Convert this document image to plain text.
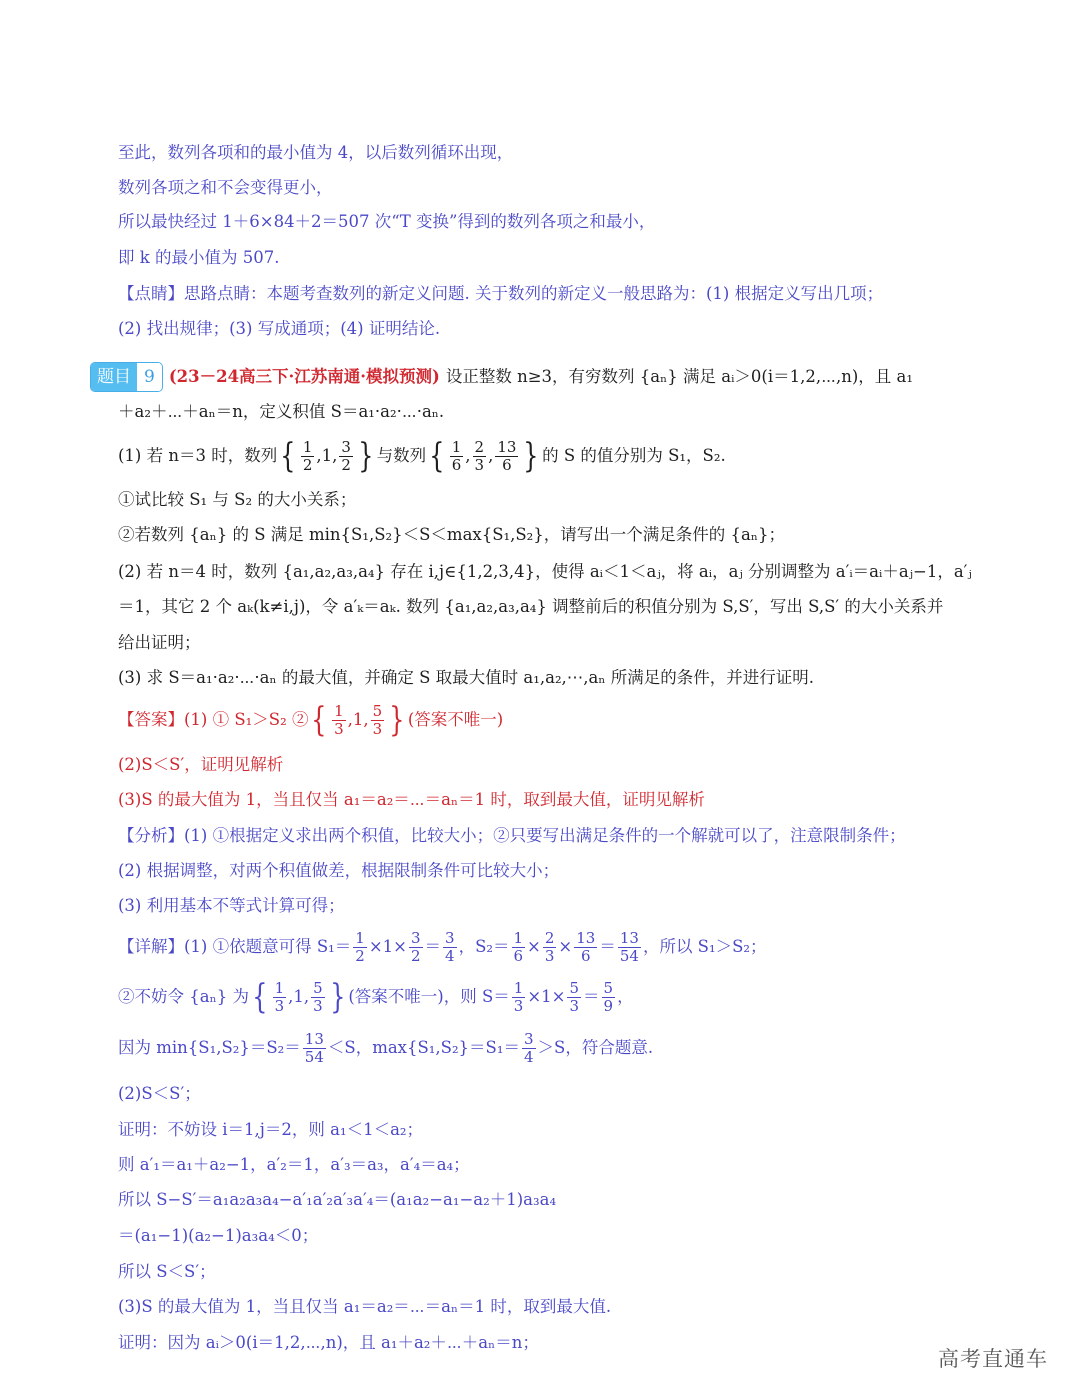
至此，数列各项和的最小值为 4，以后数列循环出现，
数列各项之和不会变得更小，
所以最快经过 1＋6×84＋2＝507 次“T 变换”得到的数列各项之和最小，
即 k 的最小值为 507.
【点睛】思路点睛：本题考查数列的新定义问题. 关于数列的新定义一般思路为：(1) 根据定义写出几项；
(2) 找出规律；(3) 写成通项；(4) 证明结论.
题目 9 (23－24高三下·江苏南通·模拟预测) 设正整数 n≥3，有穷数列 {aₙ} 满足 aᵢ＞0(i＝1,2,⋯,n)，且 a₁
＋a₂＋⋯＋aₙ＝n，定义积值 S＝a₁·a₂·⋯·aₙ.
(1) 若 n＝3 时，数列 { $\frac{1}{2} ,1$, $\frac{3}{2}$ } 与数列 { $\frac{1}{6}$ , $\frac{2}{3}$ , $\frac{13}{6}$ } 的 S 的值分别为 S₁，S₂.
①试比较 S₁ 与 S₂ 的大小关系；
②若数列 {aₙ} 的 S 满足 min{S₁,S₂}＜S＜max{S₁,S₂}，请写出一个满足条件的 {aₙ}；
(2) 若 n＝4 时，数列 {a₁,a₂,a₃,a₄} 存在 i,j∈{1,2,3,4}，使得 aᵢ＜1＜aⱼ，将 aᵢ，aⱼ 分别调整为 a′ᵢ＝aᵢ＋aⱼ−1，a′ⱼ
＝1，其它 2 个 aₖ(k≠i,j)，令 a′ₖ＝aₖ. 数列 {a₁,a₂,a₃,a₄} 调整前后的积值分别为 S,S′，写出 S,S′ 的大小关系并
给出证明；
(3) 求 S＝a₁·a₂·⋯·aₙ 的最大值，并确定 S 取最大值时 a₁,a₂,⋯,aₙ 所满足的条件，并进行证明.
【答案】(1) ① S₁＞S₂ ② { $\frac{1}{3} ,1$, $\frac{5}{3}$ } (答案不唯一)
(2)S＜S′，证明见解析
(3)S 的最大值为 1，当且仅当 a₁＝a₂＝⋯＝aₙ＝1 时，取到最大值，证明见解析
【分析】(1) ①根据定义求出两个积值，比较大小；②只要写出满足条件的一个解就可以了，注意限制条件；
(2) 根据调整，对两个积值做差，根据限制条件可比较大小；
(3) 利用基本不等式计算可得；
【详解】(1) ①依题意可得 $S_1= \frac{1}{2} \times 1\times \frac{3}{2} = \frac{3}{4}$ ，$S_2= \frac{1}{6} \times \frac{2}{3} \times \frac{13}{6} = \frac{13}{54}$ ，所以 S₁＞S₂；
②不妨令 {aₙ} 为 { $\frac{1}{3} ,1$, $\frac{5}{3}$ } (答案不唯一)，则 $S= \frac{1}{3} \times 1\times \frac{5}{3} = \frac{5}{9}$ ，
因为 $\min\{S_1,S_2\}=S_2= \frac{13}{54} <S$，$\max\{S_1,S_2\}=S_1= \frac{3}{4} >S$，符合题意.
(2)S＜S′；
证明：不妨设 i＝1,j＝2，则 a₁＜1＜a₂；
则 a′₁＝a₁＋a₂−1，a′₂＝1，a′₃＝a₃，a′₄＝a₄；
所以 S−S′＝a₁a₂a₃a₄−a′₁a′₂a′₃a′₄＝(a₁a₂−a₁−a₂＋1)a₃a₄
＝(a₁−1)(a₂−1)a₃a₄＜0；
所以 S＜S′；
(3)S 的最大值为 1，当且仅当 a₁＝a₂＝⋯＝aₙ＝1 时，取到最大值.
证明：因为 aᵢ＞0(i＝1,2,⋯,n)，且 a₁＋a₂＋⋯＋aₙ＝n；
高考直通车
